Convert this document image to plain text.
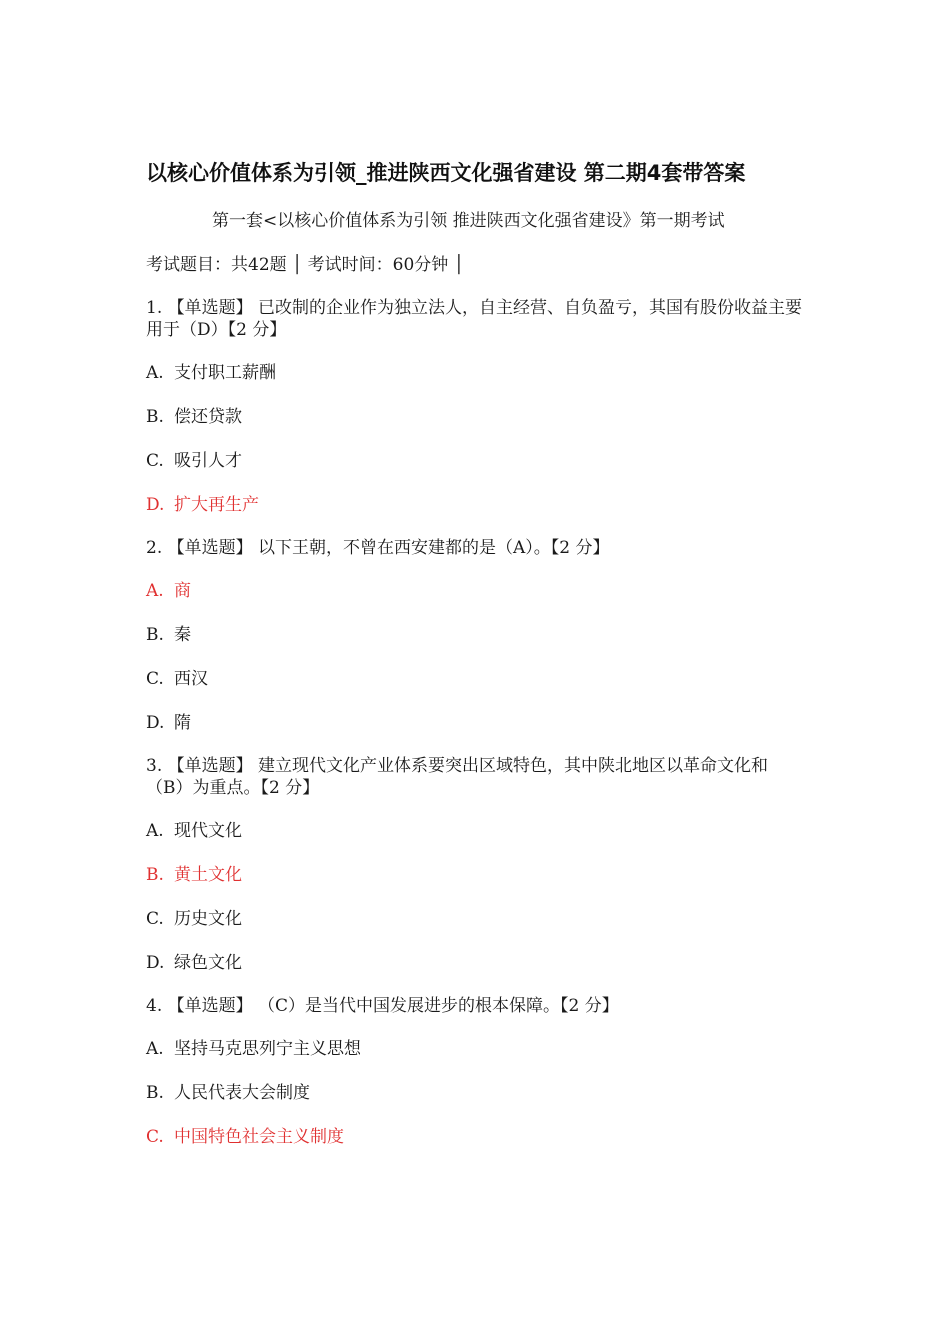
以核心价值体系为引领_推进陕西文化强省建设 第二期4套带答案

第一套<以核心价值体系为引领 推进陕西文化强省建设》第一期考试

考试题目：共42题 │ 考试时间：60分钟 │

1. 【单选题】 已改制的企业作为独立法人，自主经营、自负盈亏，其国有股份收益主要用于（D）【2 分】

A. 支付职工薪酬

B. 偿还贷款

C. 吸引人才

D. 扩大再生产

2. 【单选题】 以下王朝，不曾在西安建都的是（A）。【2 分】

A. 商

B. 秦

C. 西汉

D. 隋

3. 【单选题】 建立现代文化产业体系要突出区域特色，其中陕北地区以革命文化和（B）为重点。【2 分】

A. 现代文化

B. 黄土文化

C. 历史文化

D. 绿色文化

4. 【单选题】 （C）是当代中国发展进步的根本保障。【2 分】

A. 坚持马克思列宁主义思想

B. 人民代表大会制度

C. 中国特色社会主义制度
